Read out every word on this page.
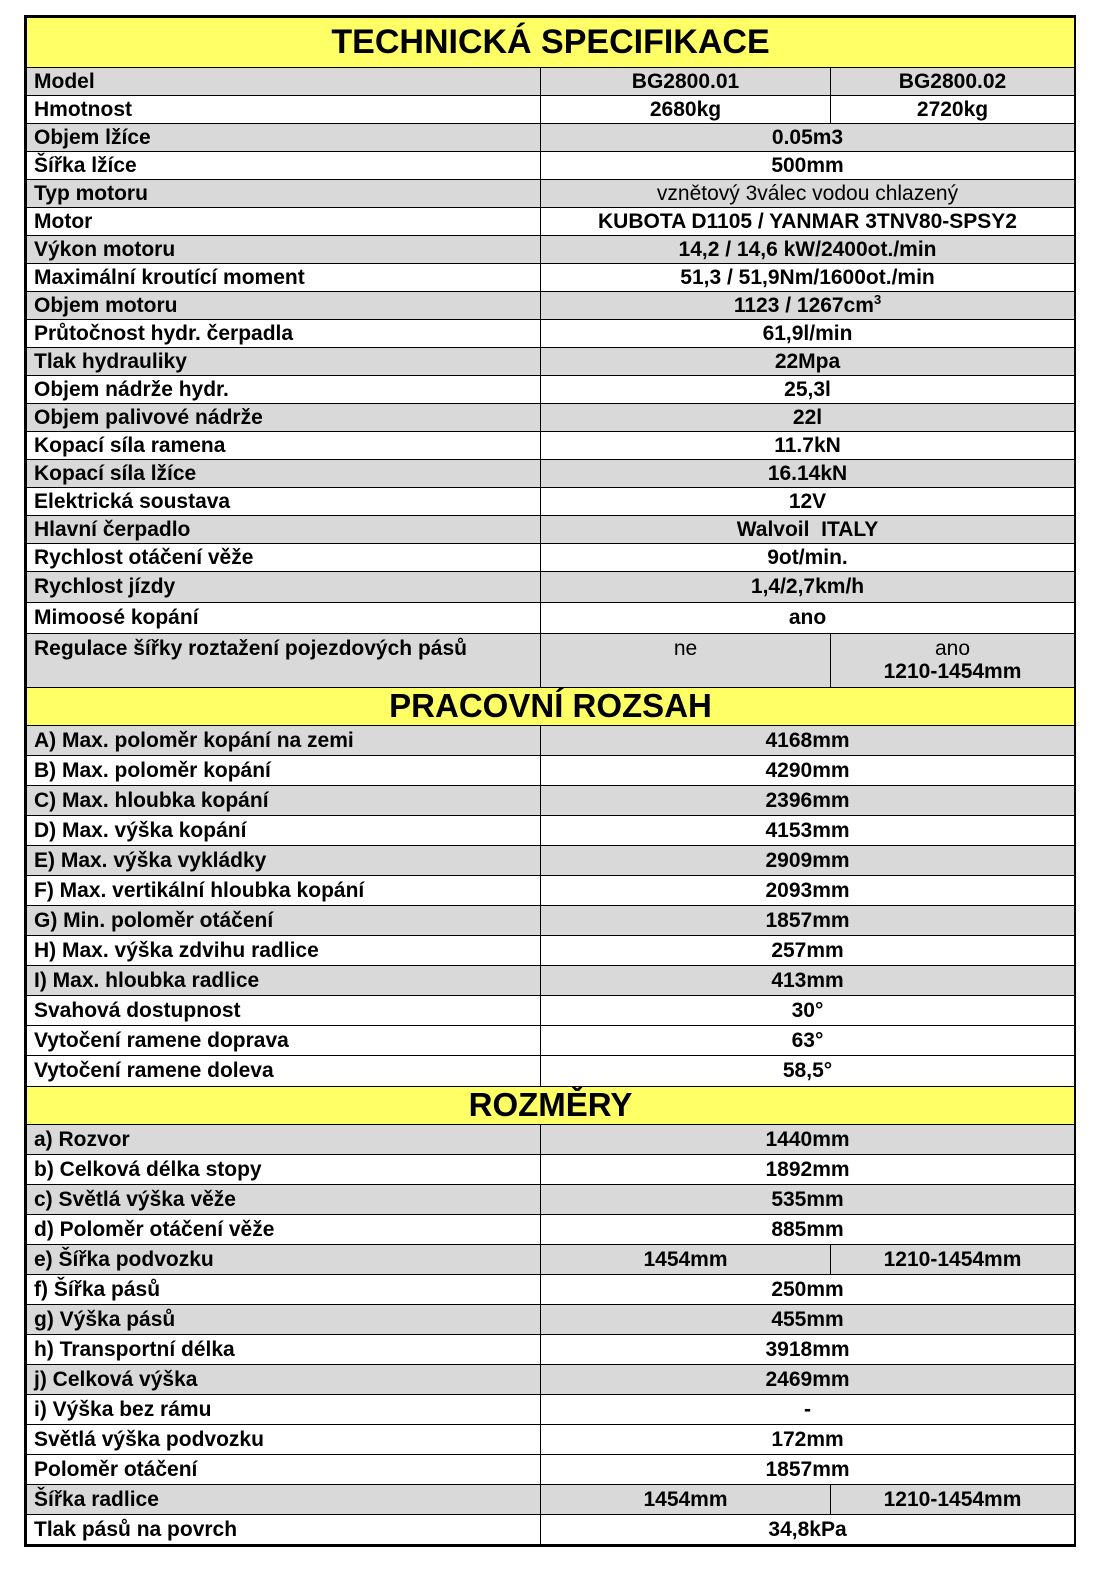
TECHNICKÁ SPECIFIKACE		
Model	BG2800.01	BG2800.02
Hmotnost	2680kg	2720kg
Objem lžíce	0.05m3	
Šířka lžíce	500mm	
Typ motoru	vznětový 3válec vodou chlazený	
Motor	KUBOTA D1105 / YANMAR 3TNV80-SPSY2	
Výkon motoru	14,2 / 14,6 kW/2400ot./min	
Maximální kroutící moment	51,3 / 51,9Nm/1600ot./min	
Objem motoru	$1123 / 1267cm^3$
Průtočnost hydr. čerpadla	61,9l/min	
Tlak hydrauliky	22Mpa	
Objem nádrže hydr.	25,3l	
Objem palivové nádrže	22l	
Kopací síla ramena	11.7kN	
Kopací síla lžíce	16.14kN	
Elektrická soustava	12V	
Hlavní čerpadlo	Walvoil  ITALY	
Rychlost otáčení věže	9ot/min.	
Rychlost jízdy	1,4/2,7km/h	
Mimoosé kopání	ano	
Regulace šířky roztažení pojezdových pásů	ne	ano
1210-1454mm

PRACOVNÍ ROZSAH		
A) Max. poloměr kopání na zemi	4168mm	
B) Max. poloměr kopání	4290mm	
C) Max. hloubka kopání	2396mm	
D) Max. výška kopání	4153mm	
E) Max. výška vykládky	2909mm	
F) Max. vertikální hloubka kopání	2093mm	
G) Min. poloměr otáčení	1857mm	
H) Max. výška zdvihu radlice	257mm	
I) Max. hloubka radlice	413mm	
Svahová dostupnost	30°	
Vytočení ramene doprava	63°	
Vytočení ramene doleva	58,5°	
ROZMĚRY		
a) Rozvor	1440mm	
b) Celková délka stopy	1892mm	
c) Světlá výška věže	535mm	
d) Poloměr otáčení věže	885mm	
e) Šířka podvozku	1454mm	1210-1454mm
f) Šířka pásů	250mm	
g) Výška pásů	455mm	
h) Transportní délka	3918mm	
j) Celková výška	2469mm	
i) Výška bez rámu	-	
Světlá výška podvozku	172mm	
Poloměr otáčení	1857mm	
Šířka radlice	1454mm	1210-1454mm
Tlak pásů na povrch	34,8kPa	
